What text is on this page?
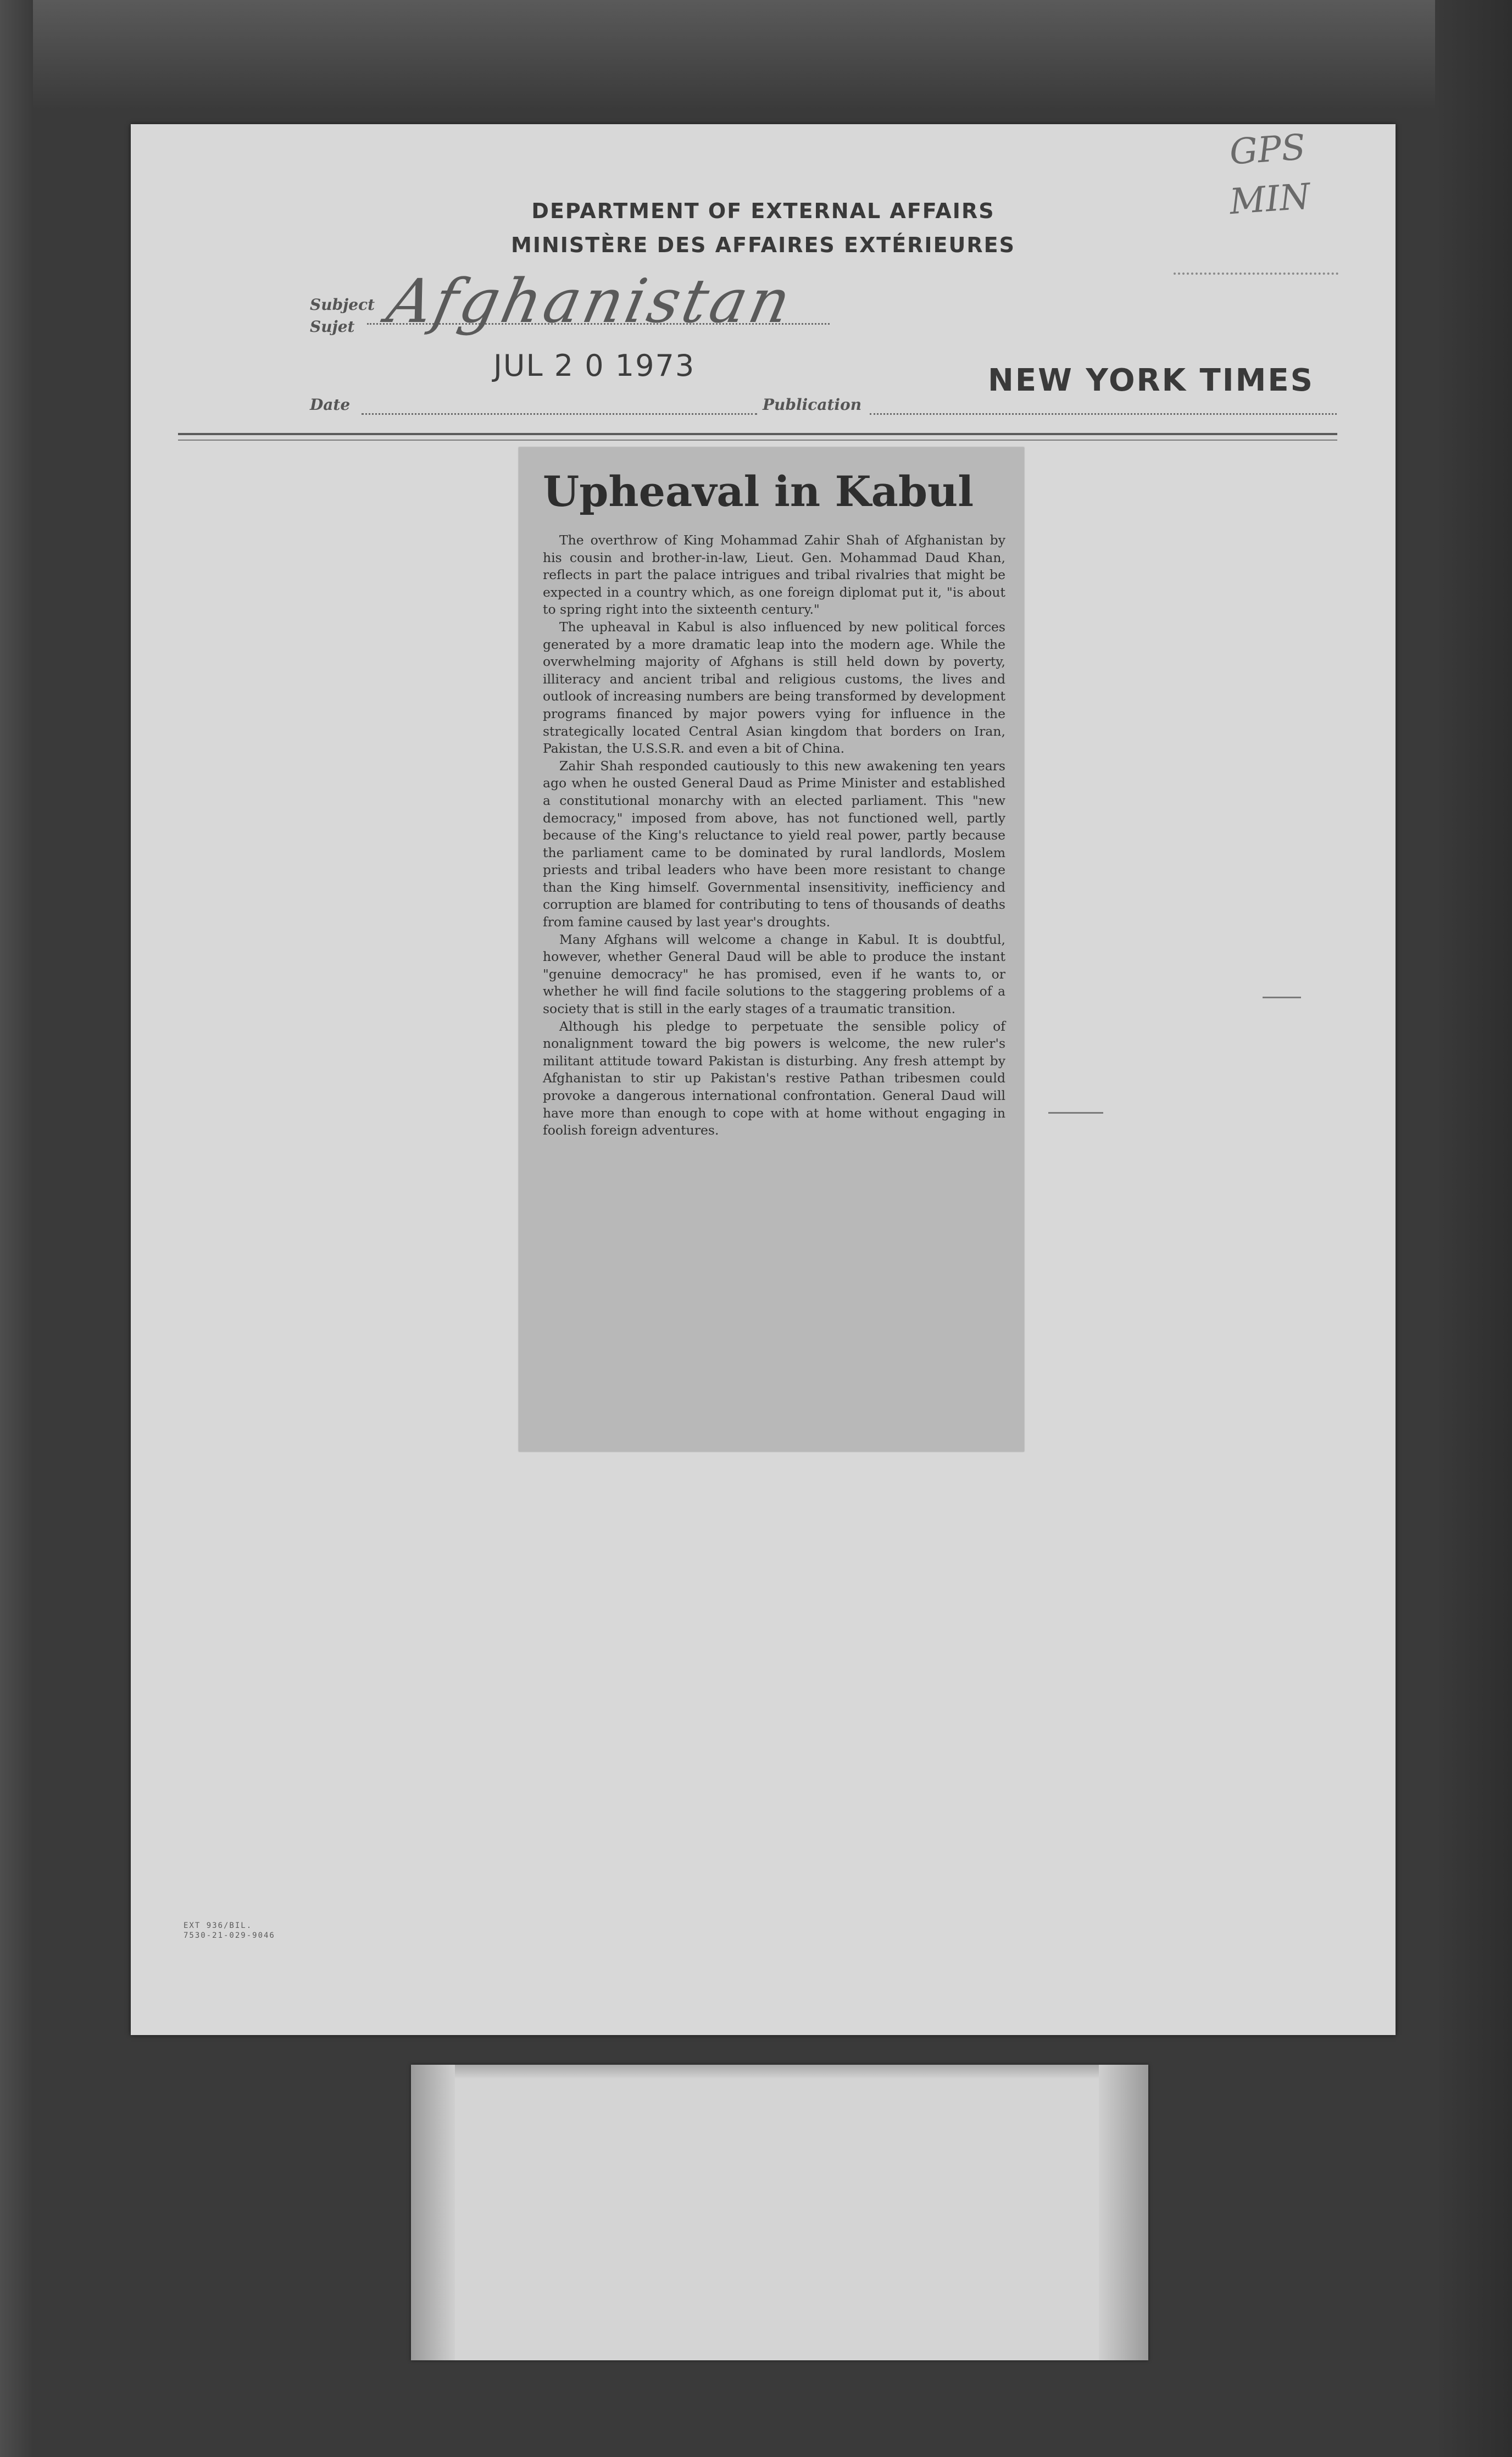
GPS
MIN
DEPARTMENT OF EXTERNAL AFFAIRS
MINISTÈRE DES AFFAIRES EXTÉRIEURES
Subject
Sujet Afghanistan
JUL 2 0 1973	NEW YORK TIMES
Date	Publication
Upheaval in Kabul

The overthrow of King Mohammad Zahir Shah of Afghanistan by his cousin and brother-in-law, Lieut. Gen. Mohammad Daud Khan, reflects in part the palace intrigues and tribal rivalries that might be expected in a country which, as one foreign diplomat put it, "is about to spring right into the sixteenth century."

The upheaval in Kabul is also influenced by new political forces generated by a more dramatic leap into the modern age. While the overwhelming majority of Afghans is still held down by poverty, illiteracy and ancient tribal and religious customs, the lives and outlook of increasing numbers are being transformed by development programs financed by major powers vying for influence in the strategically located Central Asian kingdom that borders on Iran, Pakistan, the U.S.S.R. and even a bit of China.

Zahir Shah responded cautiously to this new awakening ten years ago when he ousted General Daud as Prime Minister and established a constitutional monarchy with an elected parliament. This "new democracy," imposed from above, has not functioned well, partly because of the King's reluctance to yield real power, partly because the parliament came to be dominated by rural landlords, Moslem priests and tribal leaders who have been more resistant to change than the King himself. Governmental insensitivity, inefficiency and corruption are blamed for contributing to tens of thousands of deaths from famine caused by last year's droughts.

Many Afghans will welcome a change in Kabul. It is doubtful, however, whether General Daud will be able to produce the instant "genuine democracy" he has promised, even if he wants to, or whether he will find facile solutions to the staggering problems of a society that is still in the early stages of a traumatic transition.

Although his pledge to perpetuate the sensible policy of nonalignment toward the big powers is welcome, the new ruler's militant attitude toward Pakistan is disturbing. Any fresh attempt by Afghanistan to stir up Pakistan's restive Pathan tribesmen could provoke a dangerous international confrontation. General Daud will have more than enough to cope with at home without engaging in foolish foreign adventures.

EXT 936/BIL.
7530-21-029-9046
